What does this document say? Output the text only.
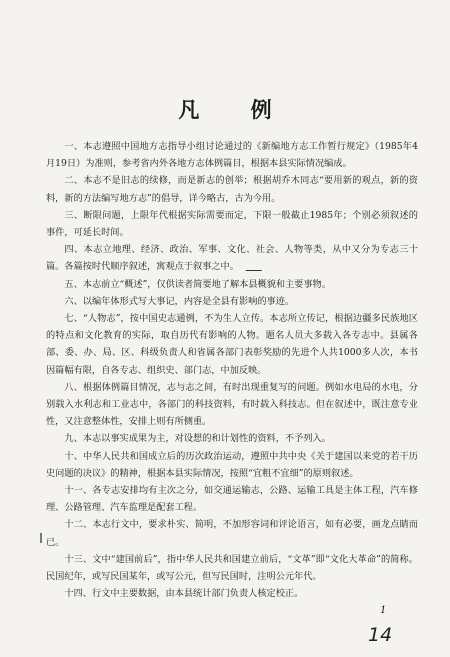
凡 例

一、本志遵照中国地方志指导小组讨论通过的《新编地方志工作暂行规定》（1985年4月19日）为准则，参考省内外各地方志体例篇目，根据本县实际情况编成。

二、本志不是旧志的续修，而是新志的创举；根据胡乔木同志“要用新的观点，新的资料，新的方法编写地方志”的倡导，详今略古，古为今用。

三、断限问题，上限年代根据实际需要而定，下限一般截止1985年；个别必须叙述的事件，可延长时间。

四、本志立地理、经济、政治、军事、文化、社会、人物等类，从中又分为专志三十篇。各篇按时代顺序叙述，寓观点于叙事之中。

五、本志前立“概述”，仅供读者简要地了解本县概貌和主要事物。

六、以编年体形式写大事记，内容是全县有影响的事迹。

七、“人物志”，按中国史志通例，不为生人立传。本志所立传记，根据边疆多民族地区的特点和文化教育的实际，取自历代有影响的人物。题名人员大多载入各专志中。县属各部、委、办、局、区、科级负责人和省属各部门表彰奖励的先进个人共1000多人次，本书因篇幅有限，自各专志、组织史、部门志，中加反映。

八、根据体例篇目情况，志与志之间，有时出现重复写的问题。例如水电局的水电，分别载入水利志和工业志中，各部门的科技资料，有时载入科技志。但在叙述中，既注意专业性，又注意整体性，安排上则有所侧重。

九、本志以事实成果为主，对设想的和计划性的资料，不予列入。

十、中华人民共和国成立后的历次政治运动，遵照中共中央《关于建国以来党的若干历史问题的决议》的精神，根据本县实际情况，按照“宜粗不宜细”的原则叙述。

十一、各专志安排均有主次之分，如交通运输志，公路、运输工具是主体工程，汽车修理、公路管理、汽车监理是配套工程。

十二、本志行文中，要求朴实、简明，不加形容词和评论语言，如有必要，画龙点睛而已。

十三、文中“建国前后”，指中华人民共和国建立前后，“文革”即“文化大革命”的简称。民国纪年，或写民国某年，或写公元，但写民国时，注明公元年代。

十四、行文中主要数据，由本县统计部门负责人核定校正。

1
14
